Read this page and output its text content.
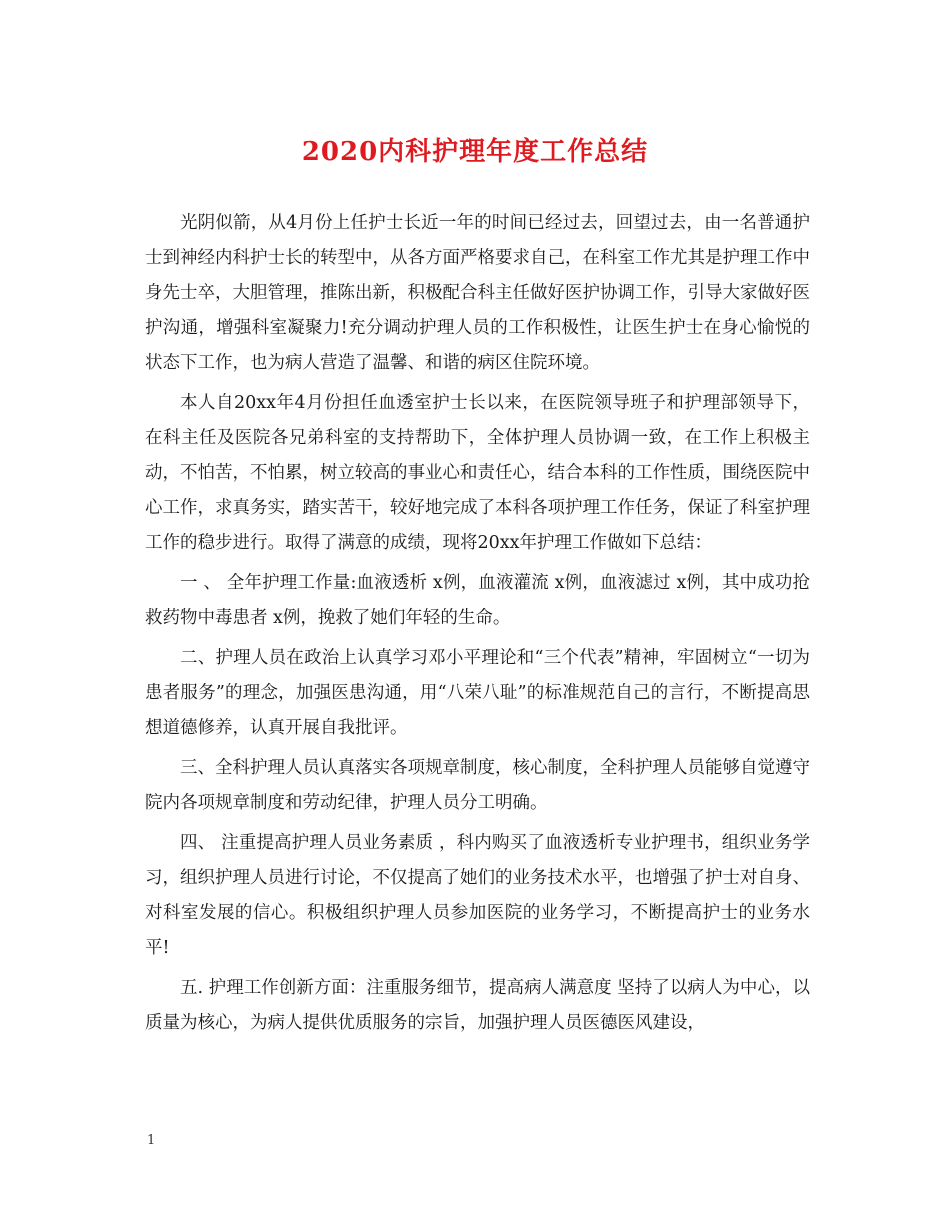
2020内科护理年度工作总结

光阴似箭，从4月份上任护士长近一年的时间已经过去，回望过去，由一名普通护士到神经内科护士长的转型中，从各方面严格要求自己，在科室工作尤其是护理工作中身先士卒，大胆管理，推陈出新，积极配合科主任做好医护协调工作，引导大家做好医护沟通，增强科室凝聚力!充分调动护理人员的工作积极性，让医生护士在身心愉悦的状态下工作，也为病人营造了温馨、和谐的病区住院环境。

本人自20xx年4月份担任血透室护士长以来，在医院领导班子和护理部领导下，在科主任及医院各兄弟科室的支持帮助下，全体护理人员协调一致，在工作上积极主动，不怕苦，不怕累，树立较高的事业心和责任心，结合本科的工作性质，围绕医院中心工作，求真务实，踏实苦干，较好地完成了本科各项护理工作任务，保证了科室护理工作的稳步进行。取得了满意的成绩，现将20xx年护理工作做如下总结：

一 、 全年护理工作量:血液透析 x例，血液灌流 x例，血液滤过 x例，其中成功抢救药物中毒患者 x例，挽救了她们年轻的生命。

二、护理人员在政治上认真学习邓小平理论和“三个代表”精神，牢固树立“一切为患者服务”的理念，加强医患沟通，用“八荣八耻”的标准规范自己的言行，不断提高思想道德修养，认真开展自我批评。

三、全科护理人员认真落实各项规章制度，核心制度，全科护理人员能够自觉遵守院内各项规章制度和劳动纪律，护理人员分工明确。

四、 注重提高护理人员业务素质 ，科内购买了血液透析专业护理书，组织业务学习，组织护理人员进行讨论，不仅提高了她们的业务技术水平，也增强了护士对自身、对科室发展的信心。积极组织护理人员参加医院的业务学习，不断提高护士的业务水平!

五. 护理工作创新方面：注重服务细节，提高病人满意度 坚持了以病人为中心，以质量为核心，为病人提供优质服务的宗旨，加强护理人员医德医风建设，

1
